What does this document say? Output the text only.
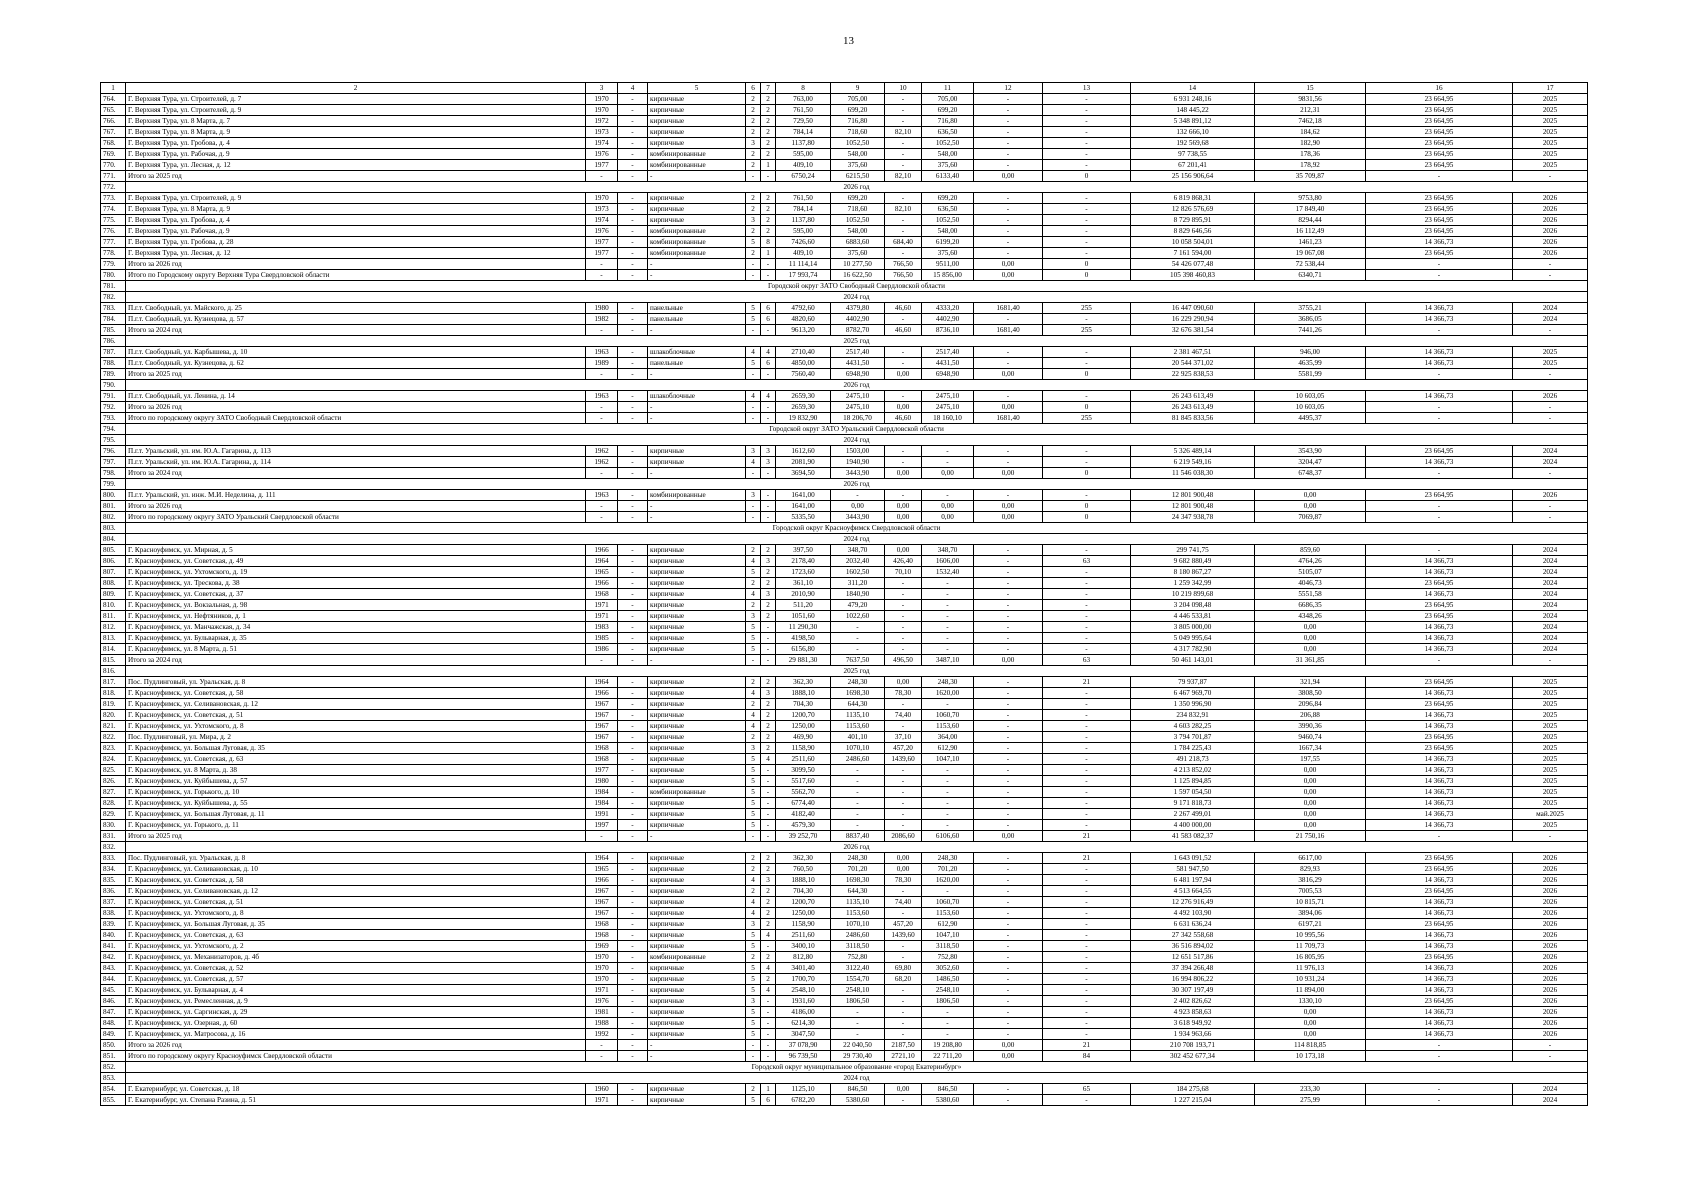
13
1	2	3	4	5	6	7	8	9	10	11	12	13	14	15	16	17
764.	Г. Верхняя Тура, ул. Строителей, д. 7	1970	-	кирпичные	2	2	763,00	705,00	-	705,00	-	-	6 931 248,16	9831,56	23 664,95	2025
765.	Г. Верхняя Тура, ул. Строителей, д. 9	1970	-	кирпичные	2	2	761,50	699,20	-	699,20	-	-	148 445,22	212,31	23 664,95	2025
766.	Г. Верхняя Тура, ул. 8 Марта, д. 7	1972	-	кирпичные	2	2	729,50	716,80	-	716,80	-	-	5 348 891,12	7462,18	23 664,95	2025
767.	Г. Верхняя Тура, ул. 8 Марта, д. 9	1973	-	кирпичные	2	2	784,14	718,60	82,10	636,50	-	-	132 666,10	184,62	23 664,95	2025
768.	Г. Верхняя Тура, ул. Гробова, д. 4	1974	-	кирпичные	3	2	1137,80	1052,50	-	1052,50	-	-	192 569,68	182,90	23 664,95	2025
769.	Г. Верхняя Тура, ул. Рабочая, д. 9	1976	-	комбинированные	2	2	595,00	548,00	-	548,00	-	-	97 738,55	178,36	23 664,95	2025
770.	Г. Верхняя Тура, ул. Лесная, д. 12	1977	-	комбинированные	2	1	409,10	375,60	-	375,60	-	-	67 201,41	178,92	23 664,95	2025
771.	Итого за 2025 год	-	-	-	-	-	6750,24	6215,50	82,10	6133,40	0,00	0	25 156 906,64	35 709,87	-	-
772.	2026 год															
773.	Г. Верхняя Тура, ул. Строителей, д. 9	1970	-	кирпичные	2	2	761,50	699,20	-	699,20	-	-	6 819 868,31	9753,80	23 664,95	2026
774.	Г. Верхняя Тура, ул. 8 Марта, д. 9	1973	-	кирпичные	2	2	784,14	718,60	82,10	636,50	-	-	12 826 576,69	17 849,40	23 664,95	2026
775.	Г. Верхняя Тура, ул. Гробова, д. 4	1974	-	кирпичные	3	2	1137,80	1052,50	-	1052,50	-	-	8 729 895,91	8294,44	23 664,95	2026
776.	Г. Верхняя Тура, ул. Рабочая, д. 9	1976	-	комбинированные	2	2	595,00	548,00	-	548,00	-	-	8 829 646,56	16 112,49	23 664,95	2026
777.	Г. Верхняя Тура, ул. Гробова, д. 28	1977	-	комбинированные	5	8	7426,60	6883,60	684,40	6199,20	-	-	10 058 504,01	1461,23	14 366,73	2026
778.	Г. Верхняя Тура, ул. Лесная, д. 12	1977	-	комбинированные	2	1	409,10	375,60	-	375,60	-	-	7 161 594,00	19 067,08	23 664,95	2026
779.	Итого за 2026 год	-	-	-	-	-	11 114,14	10 277,50	766,50	9511,00	0,00	0	54 426 077,48	72 538,44	-	-
780.	Итого по Городскому округу Верхняя Тура Свердловской области	-	-	-	-	-	17 993,74	16 622,50	766,50	15 856,00	0,00	0	105 398 460,83	6340,71	-	-
781.	Городской округ ЗАТО Свободный Свердловской области															
782.	2024 год															
783.	П.г.т. Свободный, ул. Майского, д. 25	1980	-	панельные	5	6	4792,60	4379,80	46,60	4333,20	1681,40	255	16 447 090,60	3755,21	14 366,73	2024
784.	П.г.т. Свободный, ул. Кузнецова, д. 57	1982	-	панельные	5	6	4820,60	4402,90	-	4402,90	-	-	16 229 290,94	3686,05	14 366,73	2024
785.	Итого за 2024 год	-	-	-	-	-	9613,20	8782,70	46,60	8736,10	1681,40	255	32 676 381,54	7441,26	-	-
786.	2025 год															
787.	П.г.т. Свободный, ул. Карбышева, д. 10	1963	-	шлакоблочные	4	4	2710,40	2517,40	-	2517,40	-	-	2 381 467,51	946,00	14 366,73	2025
788.	П.г.т. Свободный, ул. Кузнецова, д. 62	1989	-	панельные	5	6	4850,00	4431,50	-	4431,50	-	-	20 544 371,02	4635,99	14 366,73	2025
789.	Итого за 2025 год	-	-	-	-	-	7560,40	6948,90	0,00	6948,90	0,00	0	22 925 838,53	5581,99	-	-
790.	2026 год															
791.	П.г.т. Свободный, ул. Ленина, д. 14	1963	-	шлакоблочные	4	4	2659,30	2475,10	-	2475,10	-	-	26 243 613,49	10 603,05	14 366,73	2026
792.	Итого за 2026 год	-	-	-	-	-	2659,30	2475,10	0,00	2475,10	0,00	0	26 243 613,49	10 603,05	-	-
793.	Итого по городскому округу ЗАТО Свободный Свердловской области	-	-	-	-	-	19 832,90	18 206,70	46,60	18 160,10	1681,40	255	81 845 833,56	4495,37	-	-
794.	Городской округ ЗАТО Уральский Свердловской области															
795.	2024 год															
796.	П.г.т. Уральский, ул. им. Ю.А. Гагарина, д. 113	1962	-	кирпичные	3	3	1612,60	1503,00	-	-	-	-	5 326 489,14	3543,90	23 664,95	2024
797.	П.г.т. Уральский, ул. им. Ю.А. Гагарина, д. 114	1962	-	кирпичные	4	3	2081,90	1940,90	-	-	-	-	6 219 549,16	3204,47	14 366,73	2024
798.	Итого за 2024 год	-	-	-	-	-	3694,50	3443,90	0,00	0,00	0,00	0	11 546 038,30	6748,37	-	-
799.	2026 год															
800.	П.г.т. Уральский, ул. инж. М.И. Неделина, д. 111	1963	-	комбинированные	3	-	1641,00	-	-	-	-	-	12 801 900,48	0,00	23 664,95	2026
801.	Итого за 2026 год	-	-	-	-	-	1641,00	0,00	0,00	0,00	0,00	0	12 801 900,48	0,00	-	-
802.	Итого по городскому округу ЗАТО Уральский Свердловской области	-	-	-	-	-	5335,50	3443,90	0,00	0,00	0,00	0	24 347 938,78	7069,87	-	-
803.	Городской округ Красноуфимск Свердловской области															
804.	2024 год															
805.	Г. Красноуфимск, ул. Мирная, д. 5	1966	-	кирпичные	2	2	397,50	348,70	0,00	348,70	-	-	299 741,75	859,60	-	2024
806.	Г. Красноуфимск, ул. Советская, д. 49	1964	-	кирпичные	4	3	2178,40	2032,40	426,40	1606,00	-	63	9 682 880,49	4764,26	14 366,73	2024
807.	Г. Красноуфимск, ул. Ухтомского, д. 19	1965	-	кирпичные	5	2	1723,60	1602,50	70,10	1532,40	-	-	8 180 867,27	5105,07	14 366,73	2024
808.	Г. Красноуфимск, ул. Трескова, д. 38	1966	-	кирпичные	2	2	361,10	311,20	-	-	-	-	1 259 342,99	4046,73	23 664,95	2024
809.	Г. Красноуфимск, ул. Советская, д. 37	1968	-	кирпичные	4	3	2010,90	1840,90	-	-	-	-	10 219 899,68	5551,58	14 366,73	2024
810.	Г. Красноуфимск, ул. Вокзальная, д. 98	1971	-	кирпичные	2	2	511,20	479,20	-	-	-	-	3 204 098,48	6686,35	23 664,95	2024
811.	Г. Красноуфимск, ул. Нефтяников, д. 1	1971	-	кирпичные	3	2	1051,60	1022,60	-	-	-	-	4 446 533,81	4348,26	23 664,95	2024
812.	Г. Красноуфимск, ул. Манчажская, д. 34	1983	-	кирпичные	5	-	11 290,30	-	-	-	-	-	3 805 000,00	0,00	14 366,73	2024
813.	Г. Красноуфимск, ул. Бульварная, д. 35	1985	-	кирпичные	5	-	4198,50	-	-	-	-	-	5 049 995,64	0,00	14 366,73	2024
814.	Г. Красноуфимск, ул. 8 Марта, д. 51	1986	-	кирпичные	5	-	6156,80	-	-	-	-	-	4 317 782,90	0,00	14 366,73	2024
815.	Итого за 2024 год	-	-	-	-	-	29 881,30	7637,50	496,50	3487,10	0,00	63	50 461 143,01	31 361,85	-	-
816.	2025 год															
817.	Пос. Пудлинговый, ул. Уральская, д. 8	1964	-	кирпичные	2	2	362,30	248,30	0,00	248,30	-	21	79 937,87	321,94	23 664,95	2025
818.	Г. Красноуфимск, ул. Советская, д. 58	1966	-	кирпичные	4	3	1888,10	1698,30	78,30	1620,00	-	-	6 467 969,70	3808,50	14 366,73	2025
819.	Г. Красноуфимск, ул. Селивановская, д. 12	1967	-	кирпичные	2	2	704,30	644,30	-	-	-	-	1 350 996,90	2096,84	23 664,95	2025
820.	Г. Красноуфимск, ул. Советская, д. 51	1967	-	кирпичные	4	2	1200,70	1135,10	74,40	1060,70	-	-	234 832,91	206,88	14 366,73	2025
821.	Г. Красноуфимск, ул. Ухтомского, д. 8	1967	-	кирпичные	4	2	1250,00	1153,60	-	1153,60	-	-	4 603 282,25	3990,36	14 366,73	2025
822.	Пос. Пудлинговый, ул. Мира, д. 2	1967	-	кирпичные	2	2	469,90	401,10	37,10	364,00	-	-	3 794 701,87	9460,74	23 664,95	2025
823.	Г. Красноуфимск, ул. Большая Луговая, д. 35	1968	-	кирпичные	3	2	1158,90	1070,10	457,20	612,90	-	-	1 784 225,43	1667,34	23 664,95	2025
824.	Г. Красноуфимск, ул. Советская, д. 63	1968	-	кирпичные	5	4	2511,60	2486,60	1439,60	1047,10	-	-	491 218,73	197,55	14 366,73	2025
825.	Г. Красноуфимск, ул. 8 Марта, д. 38	1977	-	кирпичные	5	-	3099,50	-	-	-	-	-	4 213 852,02	0,00	14 366,73	2025
826.	Г. Красноуфимск, ул. Куйбышева, д. 57	1980	-	кирпичные	5	-	5517,60	-	-	-	-	-	1 125 894,85	0,00	14 366,73	2025
827.	Г. Красноуфимск, ул. Горького, д. 10	1984	-	комбинированные	5	-	5562,70	-	-	-	-	-	1 597 054,50	0,00	14 366,73	2025
828.	Г. Красноуфимск, ул. Куйбышева, д. 55	1984	-	кирпичные	5	-	6774,40	-	-	-	-	-	9 171 818,73	0,00	14 366,73	2025
829.	Г. Красноуфимск, ул. Большая Луговая, д. 11	1991	-	кирпичные	5	-	4182,40	-	-	-	-	-	2 267 499,01	0,00	14 366,73	май.2025
830.	Г. Красноуфимск, ул. Горького, д. 11	1997	-	кирпичные	5	-	4579,30	-	-	-	-	-	4 400 000,00	0,00	14 366,73	2025
831.	Итого за 2025 год	-	-	-	-	-	39 252,70	8837,40	2086,60	6106,60	0,00	21	41 583 082,37	21 750,16	-	-
832.	2026 год															
833.	Пос. Пудлинговый, ул. Уральская, д. 8	1964	-	кирпичные	2	2	362,30	248,30	0,00	248,30	-	21	1 643 091,52	6617,00	23 664,95	2026
834.	Г. Красноуфимск, ул. Селивановская, д. 10	1965	-	кирпичные	2	2	760,50	701,20	0,00	701,20	-	-	581 947,50	829,93	23 664,95	2026
835.	Г. Красноуфимск, ул. Советская, д. 58	1966	-	кирпичные	4	3	1888,10	1698,30	78,30	1620,00	-	-	6 481 197,94	3816,29	14 366,73	2026
836.	Г. Красноуфимск, ул. Селивановская, д. 12	1967	-	кирпичные	2	2	704,30	644,30	-	-	-	-	4 513 664,55	7005,53	23 664,95	2026
837.	Г. Красноуфимск, ул. Советская, д. 51	1967	-	кирпичные	4	2	1200,70	1135,10	74,40	1060,70	-	-	12 276 916,49	10 815,71	14 366,73	2026
838.	Г. Красноуфимск, ул. Ухтомского, д. 8	1967	-	кирпичные	4	2	1250,00	1153,60	-	1153,60	-	-	4 492 103,90	3894,06	14 366,73	2026
839.	Г. Красноуфимск, ул. Большая Луговая, д. 35	1968	-	кирпичные	3	2	1158,90	1070,10	457,20	612,90	-	-	6 631 636,24	6197,21	23 664,95	2026
840.	Г. Красноуфимск, ул. Советская, д. 63	1968	-	кирпичные	5	4	2511,60	2486,60	1439,60	1047,10	-	-	27 342 558,68	10 995,56	14 366,73	2026
841.	Г. Красноуфимск, ул. Ухтомского, д. 2	1969	-	кирпичные	5	-	3400,10	3118,50	-	3118,50	-	-	36 516 894,02	11 709,73	14 366,73	2026
842.	Г. Красноуфимск, ул. Механизаторов, д. 4б	1970	-	комбинированные	2	2	812,80	752,80	-	752,80	-	-	12 651 517,86	16 805,95	23 664,95	2026
843.	Г. Красноуфимск, ул. Советская, д. 52	1970	-	кирпичные	5	4	3401,40	3122,40	69,80	3052,60	-	-	37 394 266,48	11 976,13	14 366,73	2026
844.	Г. Красноуфимск, ул. Советская, д. 57	1970	-	кирпичные	5	2	1700,70	1554,70	68,20	1486,50	-	-	16 994 806,22	10 931,24	14 366,73	2026
845.	Г. Красноуфимск, ул. Бульварная, д. 4	1971	-	кирпичные	5	4	2548,10	2548,10	-	2548,10	-	-	30 307 197,49	11 894,00	14 366,73	2026
846.	Г. Красноуфимск, ул. Ремесленная, д. 9	1976	-	кирпичные	3	-	1931,60	1806,50	-	1806,50	-	-	2 402 826,62	1330,10	23 664,95	2026
847.	Г. Красноуфимск, ул. Саргинская, д. 29	1981	-	кирпичные	5	-	4186,00	-	-	-	-	-	4 923 858,63	0,00	14 366,73	2026
848.	Г. Красноуфимск, ул. Озерная, д. 60	1988	-	кирпичные	5	-	6214,30	-	-	-	-	-	3 618 949,92	0,00	14 366,73	2026
849.	Г. Красноуфимск, ул. Матросова, д. 16	1992	-	кирпичные	5	-	3047,50	-	-	-	-	-	1 934 963,66	0,00	14 366,73	2026
850.	Итого за 2026 год	-	-	-	-	-	37 078,90	22 040,50	2187,50	19 208,80	0,00	21	210 708 193,71	114 818,85	-	-
851.	Итого по городскому округу Красноуфимск Свердловской области	-	-	-	-	-	96 739,50	29 730,40	2721,10	22 711,20	0,00	84	302 452 677,34	10 173,18	-	-
852.	Городской округ муниципальное образование «город Екатеринбург»															
853.	2024 год															
854.	Г. Екатеринбург, ул. Советская, д. 18	1960	-	кирпичные	2	1	1125,10	846,50	0,00	846,50	-	65	184 275,68	233,30	-	2024
855.	Г. Екатеринбург, ул. Степана Разина, д. 51	1971	-	кирпичные	5	6	6782,20	5380,60	-	5380,60	-	-	1 227 215,04	275,99	-	2024
